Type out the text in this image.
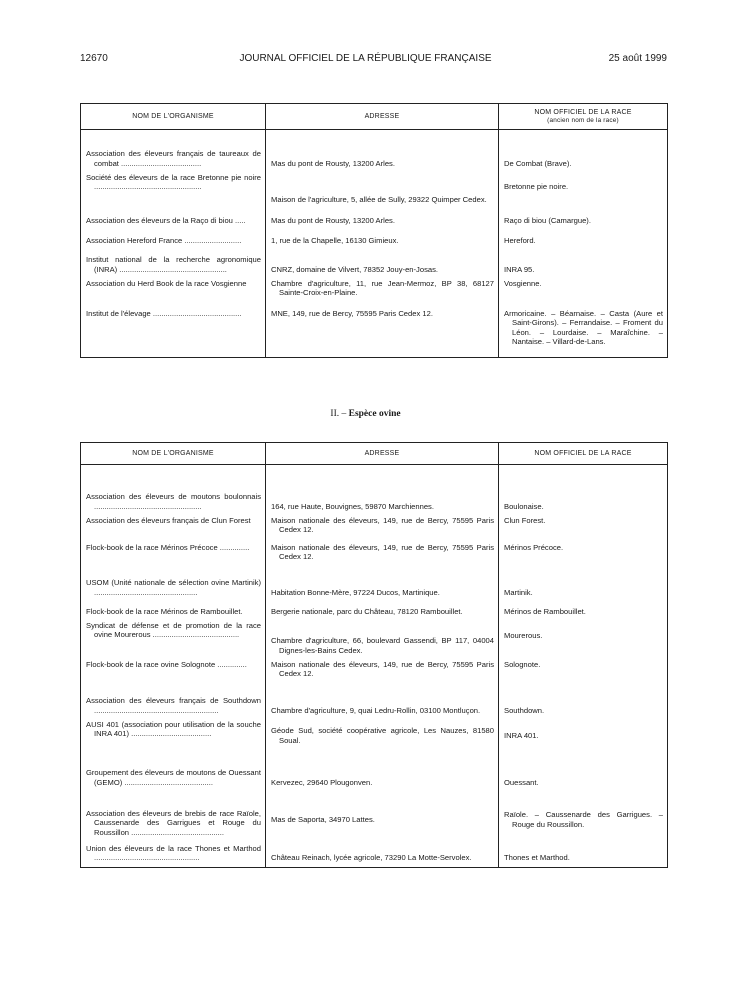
12670	JOURNAL OFFICIEL DE LA RÉPUBLIQUE FRANÇAISE	25 août 1999
NOM DE L'ORGANISME	ADRESSE	NOM OFFICIEL DE LA RACE
(ancien nom de la race)

Association des éleveurs français de taureaux de combat ......................................	Mas du pont de Rousty, 13200 Arles.	De Combat (Brave).

Société des éleveurs de la race Bretonne pie noire ...................................................	Maison de l'agriculture, 5, allée de Sully, 29322 Quimper Cedex.	Bretonne pie noire.
Association des éleveurs de la Raço di biou .....	Mas du pont de Rousty, 13200 Arles.	Raço di biou (Camargue).
Association Hereford France ...........................	1, rue de la Chapelle, 16130 Gimieux.	Hereford.

Institut national de la recherche agronomique (INRA) ...................................................	CNRZ, domaine de Vilvert, 78352 Jouy-en-Josas.	INRA 95.
Association du Herd Book de la race Vosgienne	Chambre d'agriculture, 11, rue Jean-Mermoz, BP 38, 68127 Sainte-Croix-en-Plaine.	Vosgienne.
Institut de l'élevage ..........................................	MNE, 149, rue de Bercy, 75595 Paris Cedex 12.	Armoricaine. – Béarnaise. – Casta (Aure et Saint-Girons). – Ferrandaise. – Froment du Léon. – Lourdaise. – Maraîchine. – Nantaise. – Villard-de-Lans.
II. – Espèce ovine
NOM DE L'ORGANISME	ADRESSE	NOM OFFICIEL DE LA RACE

Association des éleveurs de moutons boulonnais ...................................................	164, rue Haute, Bouvignes, 59870 Marchiennes.	Boulonaise.
Association des éleveurs français de Clun Forest	Maison nationale des éleveurs, 149, rue de Bercy, 75595 Paris Cedex 12.	Clun Forest.
Flock-book de la race Mérinos Précoce ..............	Maison nationale des éleveurs, 149, rue de Bercy, 75595 Paris Cedex 12.	Mérinos Précoce.

USOM (Unité nationale de sélection ovine Martinik) .................................................	Habitation Bonne-Mère, 97224 Ducos, Martinique.	Martinik.
Flock-book de la race Mérinos de Rambouillet.	Bergerie nationale, parc du Château, 78120 Rambouillet.	Mérinos de Rambouillet.

Syndicat de défense et de promotion de la race ovine Mourerous .........................................	Chambre d'agriculture, 66, boulevard Gassendi, BP 117, 04004 Dignes-les-Bains Cedex.	Mourerous.
Flock-book de la race ovine Solognote ..............	Maison nationale des éleveurs, 149, rue de Bercy, 75595 Paris Cedex 12.	Solognote.

Association des éleveurs français de Southdown ...........................................................	Chambre d'agriculture, 9, quai Ledru-Rollin, 03100 Montluçon.	Southdown.

AUSI 401 (association pour utilisation de la souche INRA 401) ......................................	Géode Sud, société coopérative agricole, Les Nauzes, 81580 Soual.	INRA 401.

Groupement des éleveurs de moutons de Ouessant (GEMO) ..........................................	Kervezec, 29640 Plougonven.	Ouessant.

Association des éleveurs de brebis de race Raïole, Caussenarde des Garrigues et Rouge du Roussillon ............................................	Mas de Saporta, 34970 Lattes.	Raïole. – Caussenarde des Garrigues. – Rouge du Roussillon.

Union des éleveurs de la race Thones et Marthod ..................................................	Château Reinach, lycée agricole, 73290 La Motte-Servolex.	Thones et Marthod.
